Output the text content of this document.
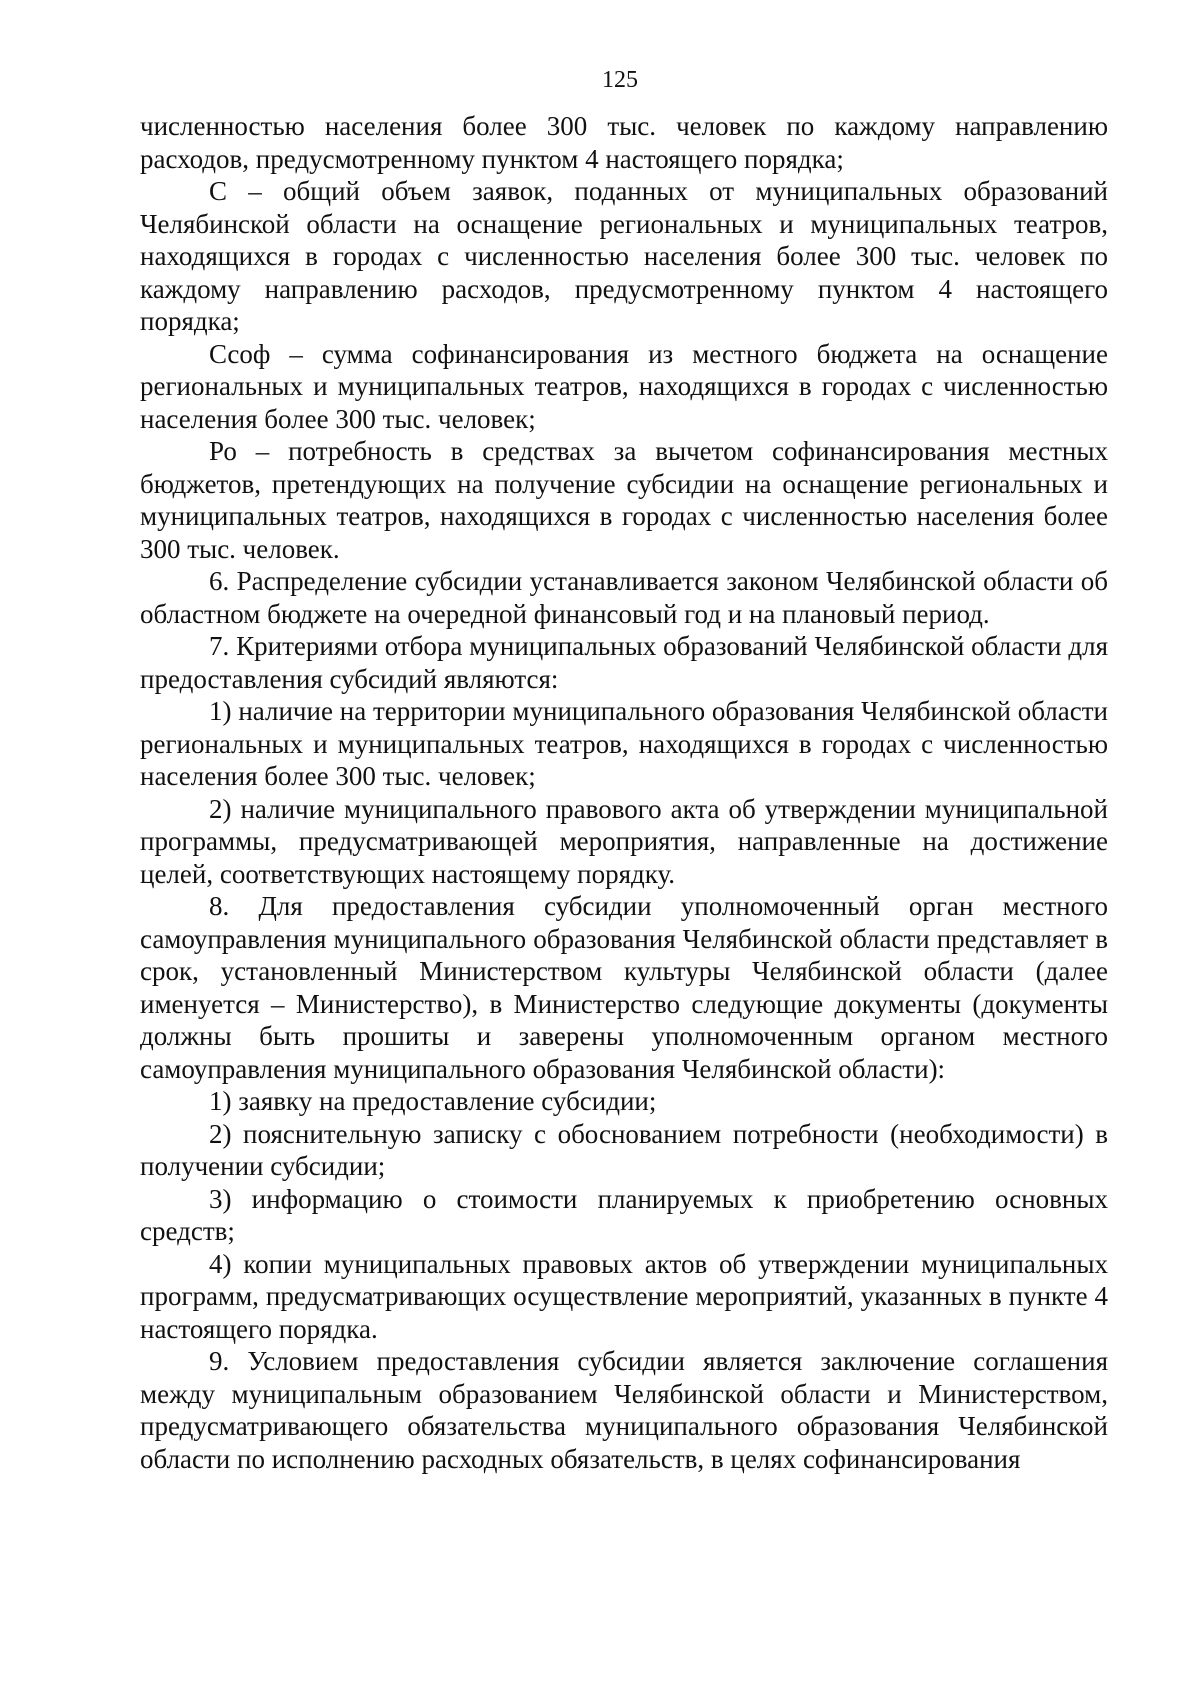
125

численностью населения более 300 тыс. человек по каждому направлению расходов, предусмотренному пунктом 4 настоящего порядка;

С – общий объем заявок, поданных от муниципальных образований Челябинской области на оснащение региональных и муниципальных театров, находящихся в городах с численностью населения более 300 тыс. человек по каждому направлению расходов, предусмотренному пунктом 4 настоящего порядка;

Ссоф – сумма софинансирования из местного бюджета на оснащение региональных и муниципальных театров, находящихся в городах с численностью населения более 300 тыс. человек;

Ро – потребность в средствах за вычетом софинансирования местных бюджетов, претендующих на получение субсидии на оснащение региональных и муниципальных театров, находящихся в городах с численностью населения более 300 тыс. человек.

6. Распределение субсидии устанавливается законом Челябинской области об областном бюджете на очередной финансовый год и на плановый период.

7. Критериями отбора муниципальных образований Челябинской области для предоставления субсидий являются:

1) наличие на территории муниципального образования Челябинской области региональных и муниципальных театров, находящихся в городах с численностью населения более 300 тыс. человек;

2) наличие муниципального правового акта об утверждении муниципальной программы, предусматривающей мероприятия, направленные на достижение целей, соответствующих настоящему порядку.

8. Для предоставления субсидии уполномоченный орган местного самоуправления муниципального образования Челябинской области представляет в срок, установленный Министерством культуры Челябинской области (далее именуется – Министерство), в Министерство следующие документы (документы должны быть прошиты и заверены уполномоченным органом местного самоуправления муниципального образования Челябинской области):

1) заявку на предоставление субсидии;

2) пояснительную записку с обоснованием потребности (необходимости) в получении субсидии;

3) информацию о стоимости планируемых к приобретению основных средств;

4) копии муниципальных правовых актов об утверждении муниципальных программ, предусматривающих осуществление мероприятий, указанных в пункте 4 настоящего порядка.

9. Условием предоставления субсидии является заключение соглашения между муниципальным образованием Челябинской области и Министерством, предусматривающего обязательства муниципального образования Челябинской области по исполнению расходных обязательств, в целях софинансирования
